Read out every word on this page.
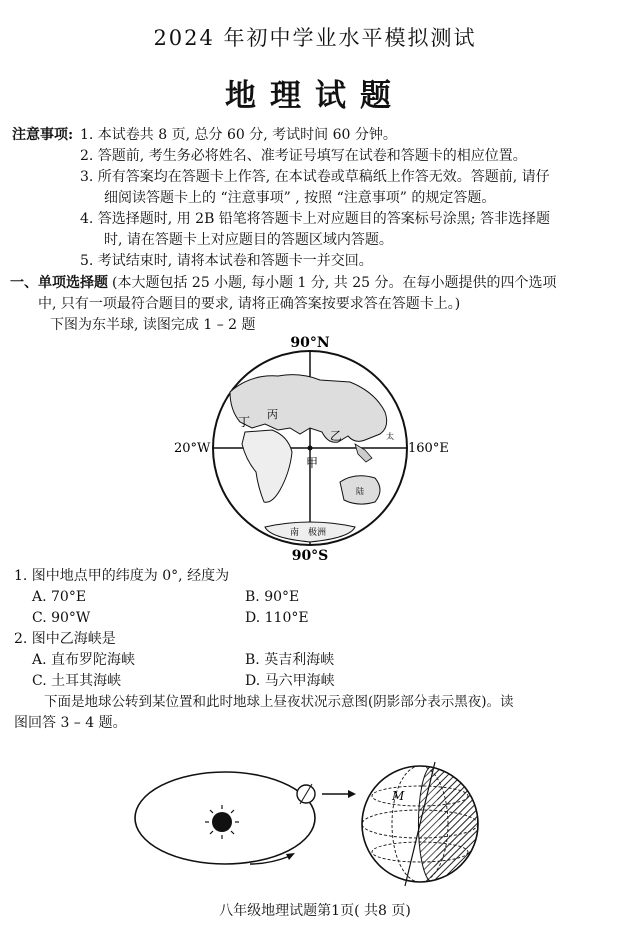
2024 年初中学业水平模拟测试
地理试题
注意事项: 1. 本试卷共 8 页, 总分 60 分, 考试时间 60 分钟。
2. 答题前, 考生务必将姓名、准考证号填写在试卷和答题卡的相应位置。
3. 所有答案均在答题卡上作答, 在本试卷或草稿纸上作答无效。答题前, 请仔
细阅读答题卡上的 “注意事项” , 按照 “注意事项” 的规定答题。
4. 答选择题时, 用 2B 铅笔将答题卡上对应题目的答案标号涂黑; 答非选择题
时, 请在答题卡上对应题目的答题区域内答题。
5. 考试结束时, 请将本试卷和答题卡一并交回。
一、单项选择题 (本大题包括 25 小题, 每小题 1 分, 共 25 分。在每小题提供的四个选项
中, 只有一项最符合题目的要求, 请将正确答案按要求答在答题卡上。)
下图为东半球, 读图完成 1 – 2 题
90°N
90°S
20°W	160°E
甲
乙
丙
丁
南 极洲
太
陆
1. 图中地点甲的纬度为 0°, 经度为
A. 70°E	B. 90°E
C. 90°W	D. 110°E
2. 图中乙海峡是
A. 直布罗陀海峡	B. 英吉利海峡
C. 土耳其海峡	D. 马六甲海峡
下面是地球公转到某位置和此时地球上昼夜状况示意图(阴影部分表示黑夜)。读
图回答 3 – 4 题。
M
八年级地理试题第1页( 共8 页)
